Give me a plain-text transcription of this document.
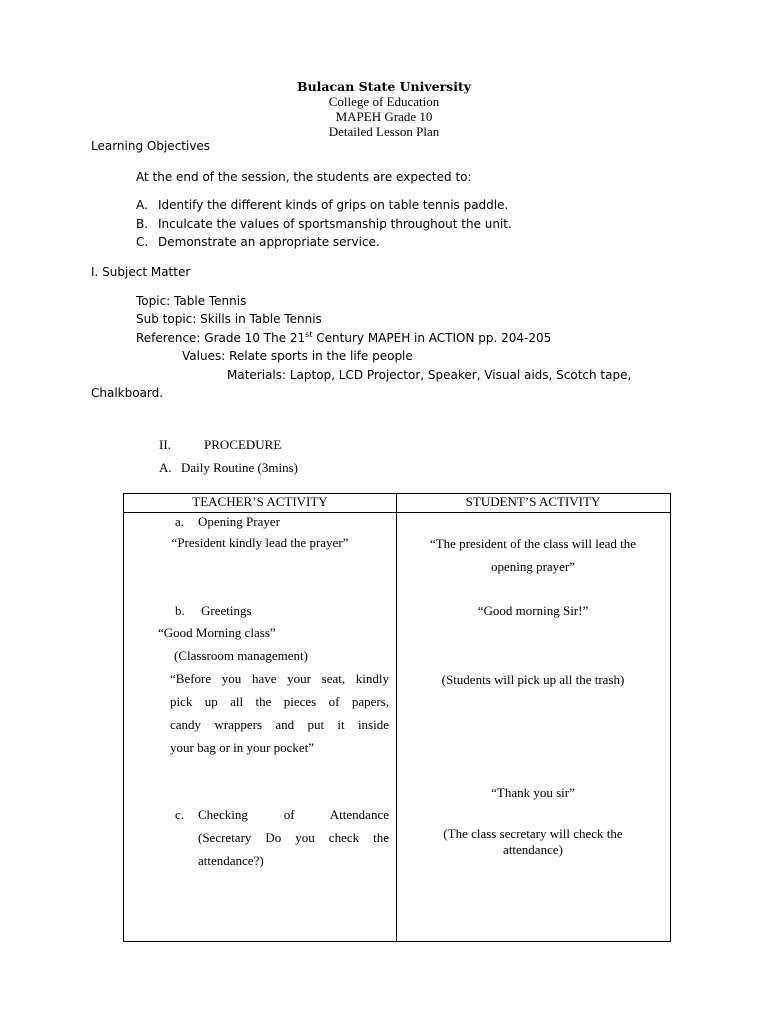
Bulacan State University
College of Education
MAPEH Grade 10
Detailed Lesson Plan
Learning Objectives
At the end of the session, the students are expected to:
A. Identify the different kinds of grips on table tennis paddle.
B. Inculcate the values of sportsmanship throughout the unit.
C. Demonstrate an appropriate service.
I. Subject Matter
Topic: Table Tennis
Sub topic: Skills in Table Tennis
Reference: Grade 10 The 21st Century MAPEH in ACTION pp. 204-205
Values: Relate sports in the life people
Materials: Laptop, LCD Projector, Speaker, Visual aids, Scotch tape,
Chalkboard.
II.	PROCEDURE
A. Daily Routine (3mins)
TEACHER’S ACTIVITY	STUDENT’S ACTIVITY
a. Opening Prayer
“President kindly lead the prayer”
b. Greetings
“Good Morning class”
(Classroom management)
“Before you have your seat, kindly
pick up all the pieces of papers,
candy wrappers and put it inside
your bag or in your pocket”
c. Checking of Attendance
(Secretary Do you check the
attendance?)
“The president of the class will lead the
opening prayer”
“Good morning Sir!”
(Students will pick up all the trash)
“Thank you sir”
(The class secretary will check the
attendance)
